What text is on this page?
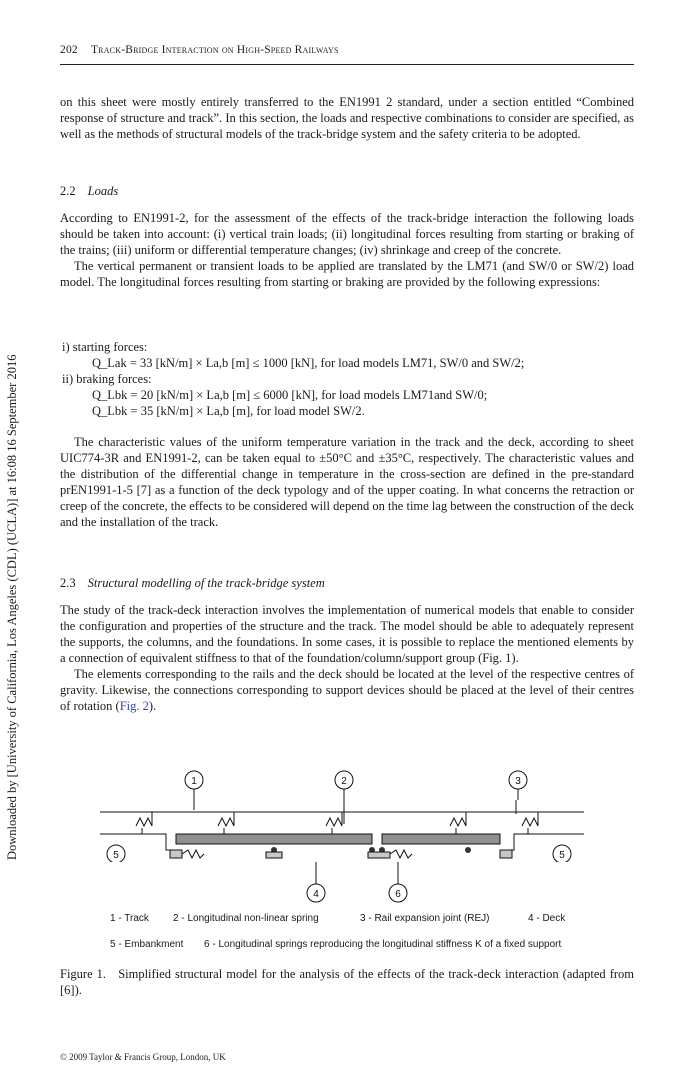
202 Track-Bridge Interaction on High-Speed Railways
Downloaded by [University of California, Los Angeles (CDL) (UCLA)] at 16:08 16 September 2016

on this sheet were mostly entirely transferred to the EN1991 2 standard, under a section entitled “Combined response of structure and track”. In this section, the loads and respective combinations to consider are specified, as well as the methods of structural models of the track-bridge system and the safety criteria to be adopted.

2.2 Loads

According to EN1991-2, for the assessment of the effects of the track-bridge interaction the following loads should be taken into account: (i) vertical train loads; (ii) longitudinal forces resulting from starting or braking of the trains; (iii) uniform or differential temperature changes; (iv) shrinkage and creep of the concrete.

The vertical permanent or transient loads to be applied are translated by the LM71 (and SW/0 or SW/2) load model. The longitudinal forces resulting from starting or braking are provided by the following expressions:

i) starting forces:
Q_Lak = 33 [kN/m] × La,b [m] ≤ 1000 [kN], for load models LM71, SW/0 and SW/2;
ii) braking forces:
Q_Lbk = 20 [kN/m] × La,b [m] ≤ 6000 [kN], for load models LM71and SW/0;
Q_Lbk = 35 [kN/m] × La,b [m], for load model SW/2.

The characteristic values of the uniform temperature variation in the track and the deck, according to sheet UIC774-3R and EN1991-2, can be taken equal to ±50°C and ±35°C, respectively. The characteristic values and the distribution of the differential change in temperature in the cross-section are defined in the pre-standard prEN1991-1-5 [7] as a function of the deck typology and of the upper coating. In what concerns the retraction or creep of the concrete, the effects to be considered will depend on the time lag between the construction of the deck and the installation of the track.

2.3 Structural modelling of the track-bridge system

The study of the track-deck interaction involves the implementation of numerical models that enable to consider the configuration and properties of the structure and the track. The model should be able to adequately represent the supports, the columns, and the foundations. In some cases, it is possible to replace the mentioned elements by a connection of equivalent stiffness to that of the foundation/column/support group (Fig. 1).

The elements corresponding to the rails and the deck should be located at the level of the respective centres of gravity. Likewise, the connections corresponding to support devices should be placed at the level of their centres of rotation (Fig. 2).

1	2	3
5	5
4	6
1 - Track 2 - Longitudinal non-linear spring	3 - Rail expansion joint (REJ)	4 - Deck
5 - Embankment 6 - Longitudinal springs reproducing the longitudinal stiffness K of a fixed support
Figure 1. Simplified structural model for the analysis of the effects of the track-deck interaction (adapted from [6]).
© 2009 Taylor & Francis Group, London, UK
